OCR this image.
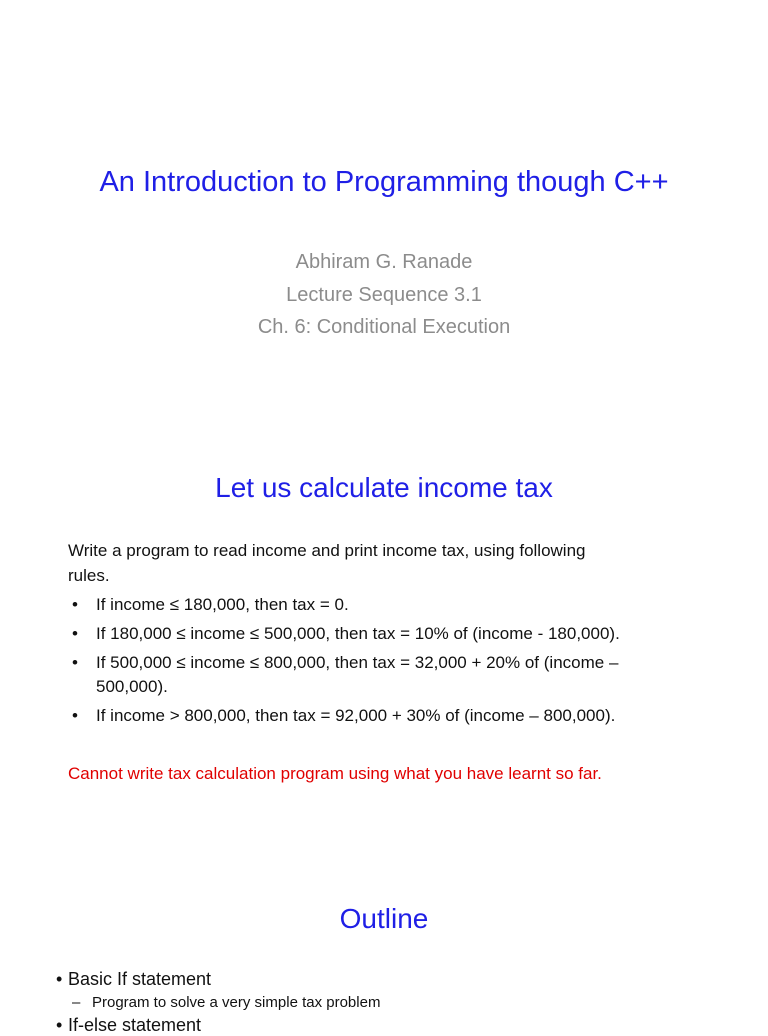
An Introduction to Programming though C++
Abhiram G. Ranade
Lecture Sequence 3.1
Ch. 6: Conditional Execution
Let us calculate income tax
Write a program to read income and print income tax, using following
rules.
• If income ≤ 180,000, then tax = 0.
• If 180,000 ≤ income ≤ 500,000, then tax = 10% of (income - 180,000).
• If 500,000 ≤ income ≤ 800,000, then tax = 32,000 + 20% of (income –
500,000).
• If income > 800,000, then tax = 92,000 + 30% of (income – 800,000).
Cannot write tax calculation program using what you have learnt so far.
Outline
• Basic If statement
– Program to solve a very simple tax problem
• If-else statement
